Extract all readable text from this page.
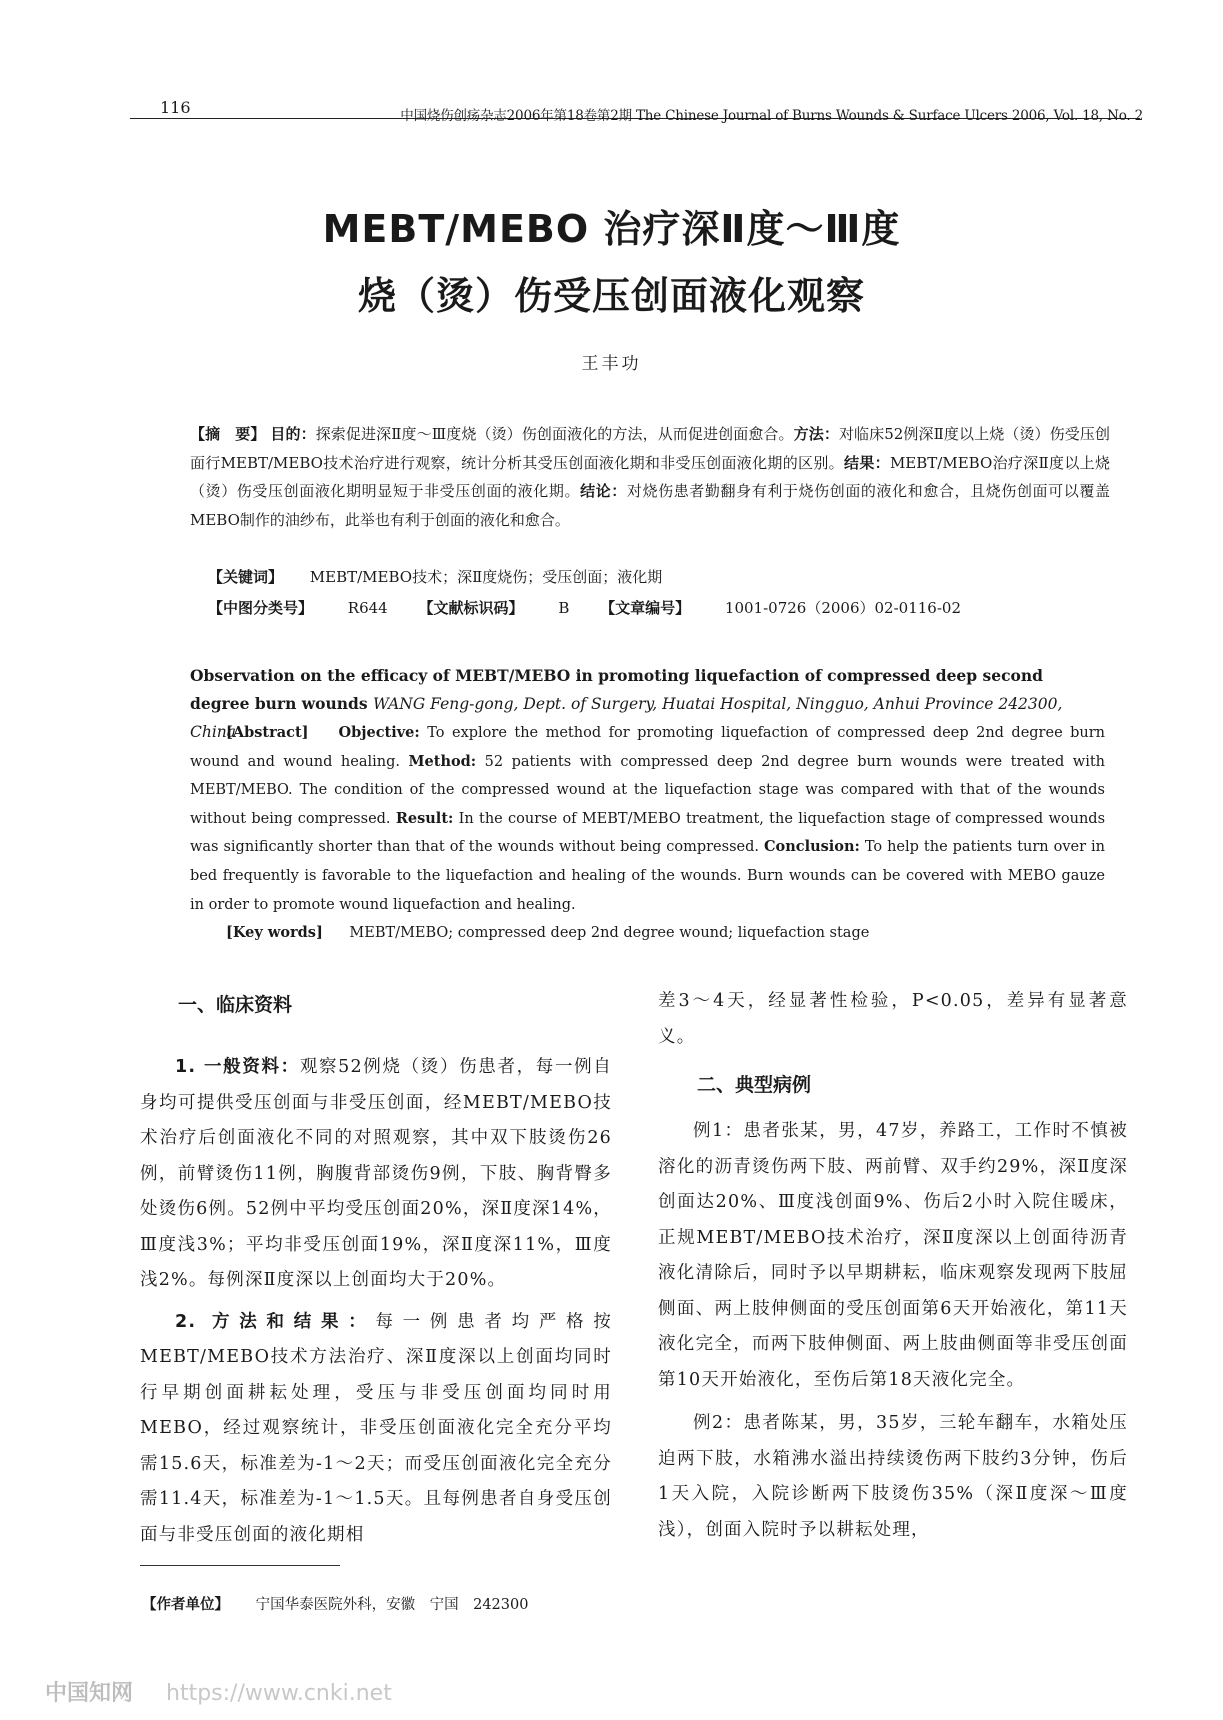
116	中国烧伤创疡杂志2006年第18卷第2期 The Chinese Journal of Burns Wounds & Surface Ulcers 2006, Vol. 18, No. 2
MEBT/MEBO 治疗深Ⅱ度～Ⅲ度
烧（烫）伤受压创面液化观察
王丰功

【摘　要】 目的：探索促进深Ⅱ度～Ⅲ度烧（烫）伤创面液化的方法，从而促进创面愈合。方法：对临床52例深Ⅱ度以上烧（烫）伤受压创面行MEBT/MEBO技术治疗进行观察，统计分析其受压创面液化期和非受压创面液化期的区别。结果：MEBT/MEBO治疗深Ⅱ度以上烧（烫）伤受压创面液化期明显短于非受压创面的液化期。结论：对烧伤患者勤翻身有利于烧伤创面的液化和愈合，且烧伤创面可以覆盖MEBO制作的油纱布，此举也有利于创面的液化和愈合。

【关键词】 MEBT/MEBO技术；深Ⅱ度烧伤；受压创面；液化期
【中图分类号】 R644 【文献标识码】 B 【文章编号】 1001-0726（2006）02-0116-02
Observation on the efficacy of MEBT/MEBO in promoting liquefaction of compressed deep second degree burn wounds WANG Feng-gong, Dept. of Surgery, Huatai Hospital, Ningguo, Anhui Province 242300, China
[Abstract] Objective: To explore the method for promoting liquefaction of compressed deep 2nd degree burn wound and wound healing. Method: 52 patients with compressed deep 2nd degree burn wounds were treated with MEBT/MEBO. The condition of the compressed wound at the liquefaction stage was compared with that of the wounds without being compressed. Result: In the course of MEBT/MEBO treatment, the liquefaction stage of compressed wounds was significantly shorter than that of the wounds without being compressed. Conclusion: To help the patients turn over in bed frequently is favorable to the liquefaction and healing of the wounds. Burn wounds can be covered with MEBO gauze in order to promote wound liquefaction and healing.
[Key words] MEBT/MEBO; compressed deep 2nd degree wound; liquefaction stage
一、临床资料

1. 一般资料：观察52例烧（烫）伤患者，每一例自身均可提供受压创面与非受压创面，经MEBT/MEBO技术治疗后创面液化不同的对照观察，其中双下肢烫伤26例，前臂烫伤11例，胸腹背部烫伤9例，下肢、胸背臀多处烫伤6例。52例中平均受压创面20%，深Ⅱ度深14%，Ⅲ度浅3%；平均非受压创面19%，深Ⅱ度深11%，Ⅲ度浅2%。每例深Ⅱ度深以上创面均大于20%。

2. 方法和结果：每一例患者均严格按MEBT/MEBO技术方法治疗、深Ⅱ度深以上创面均同时行早期创面耕耘处理，受压与非受压创面均同时用MEBO，经过观察统计，非受压创面液化完全充分平均需15.6天，标准差为-1～2天；而受压创面液化完全充分需11.4天，标准差为-1～1.5天。且每例患者自身受压创面与非受压创面的液化期相

差3～4天，经显著性检验，P<0.05，差异有显著意义。

二、典型病例

例1：患者张某，男，47岁，养路工，工作时不慎被溶化的沥青烫伤两下肢、两前臂、双手约29%，深Ⅱ度深创面达20%、Ⅲ度浅创面9%、伤后2小时入院住暖床，正规MEBT/MEBO技术治疗，深Ⅱ度深以上创面待沥青液化清除后，同时予以早期耕耘，临床观察发现两下肢屈侧面、两上肢伸侧面的受压创面第6天开始液化，第11天液化完全，而两下肢伸侧面、两上肢曲侧面等非受压创面第10天开始液化，至伤后第18天液化完全。

例2：患者陈某，男，35岁，三轮车翻车，水箱处压迫两下肢，水箱沸水溢出持续烫伤两下肢约3分钟，伤后1天入院，入院诊断两下肢烫伤35%（深Ⅱ度深～Ⅲ度浅），创面入院时予以耕耘处理，

【作者单位】 宁国华泰医院外科，安徽　宁国　242300
中国知网 https://www.cnki.net
